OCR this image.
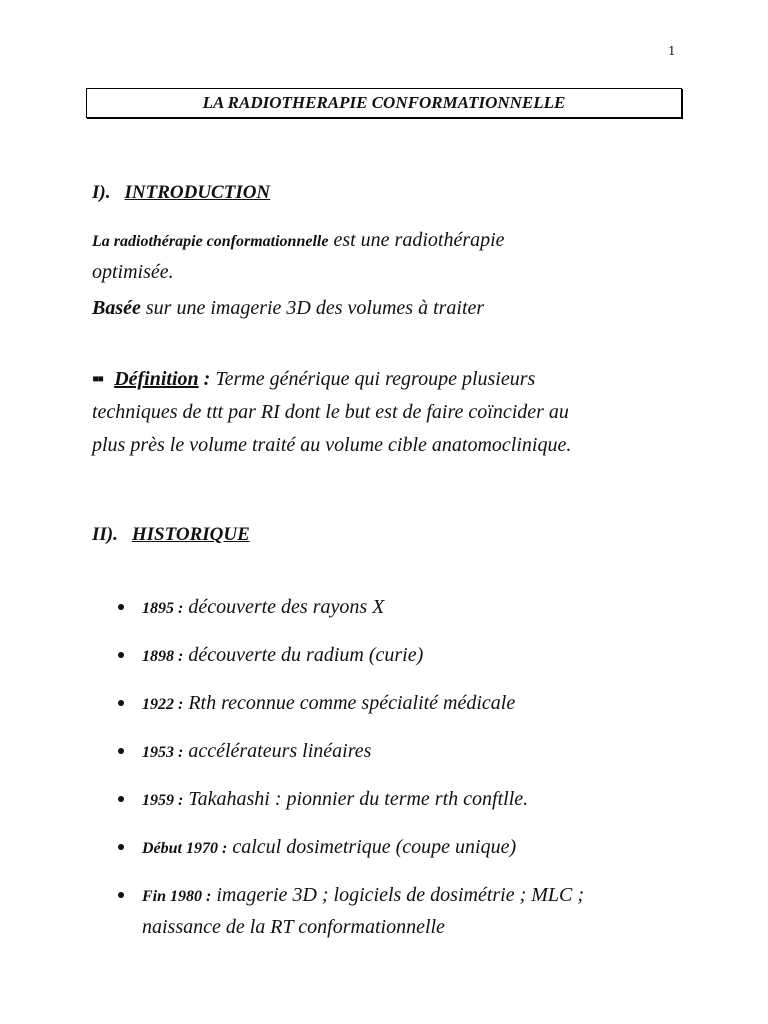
1
LA RADIOTHERAPIE CONFORMATIONNELLE
I). INTRODUCTION
La radiothérapie conformationnelle est une radiothérapie
optimisée.
Basée sur une imagerie 3D des volumes à traiter
▪▪ Définition : Terme générique qui regroupe plusieurs
techniques de ttt par RI dont le but est de faire coïncider au
plus près le volume traité au volume cible anatomoclinique.
II). HISTORIQUE
1895 : découverte des rayons X
1898 : découverte du radium (curie)
1922 : Rth reconnue comme spécialité médicale
1953 : accélérateurs linéaires
1959 : Takahashi : pionnier du terme rth conftlle.
Début 1970 : calcul dosimetrique (coupe unique)
Fin 1980 : imagerie 3D ; logiciels de dosimétrie ; MLC ;
naissance de la RT conformationnelle
